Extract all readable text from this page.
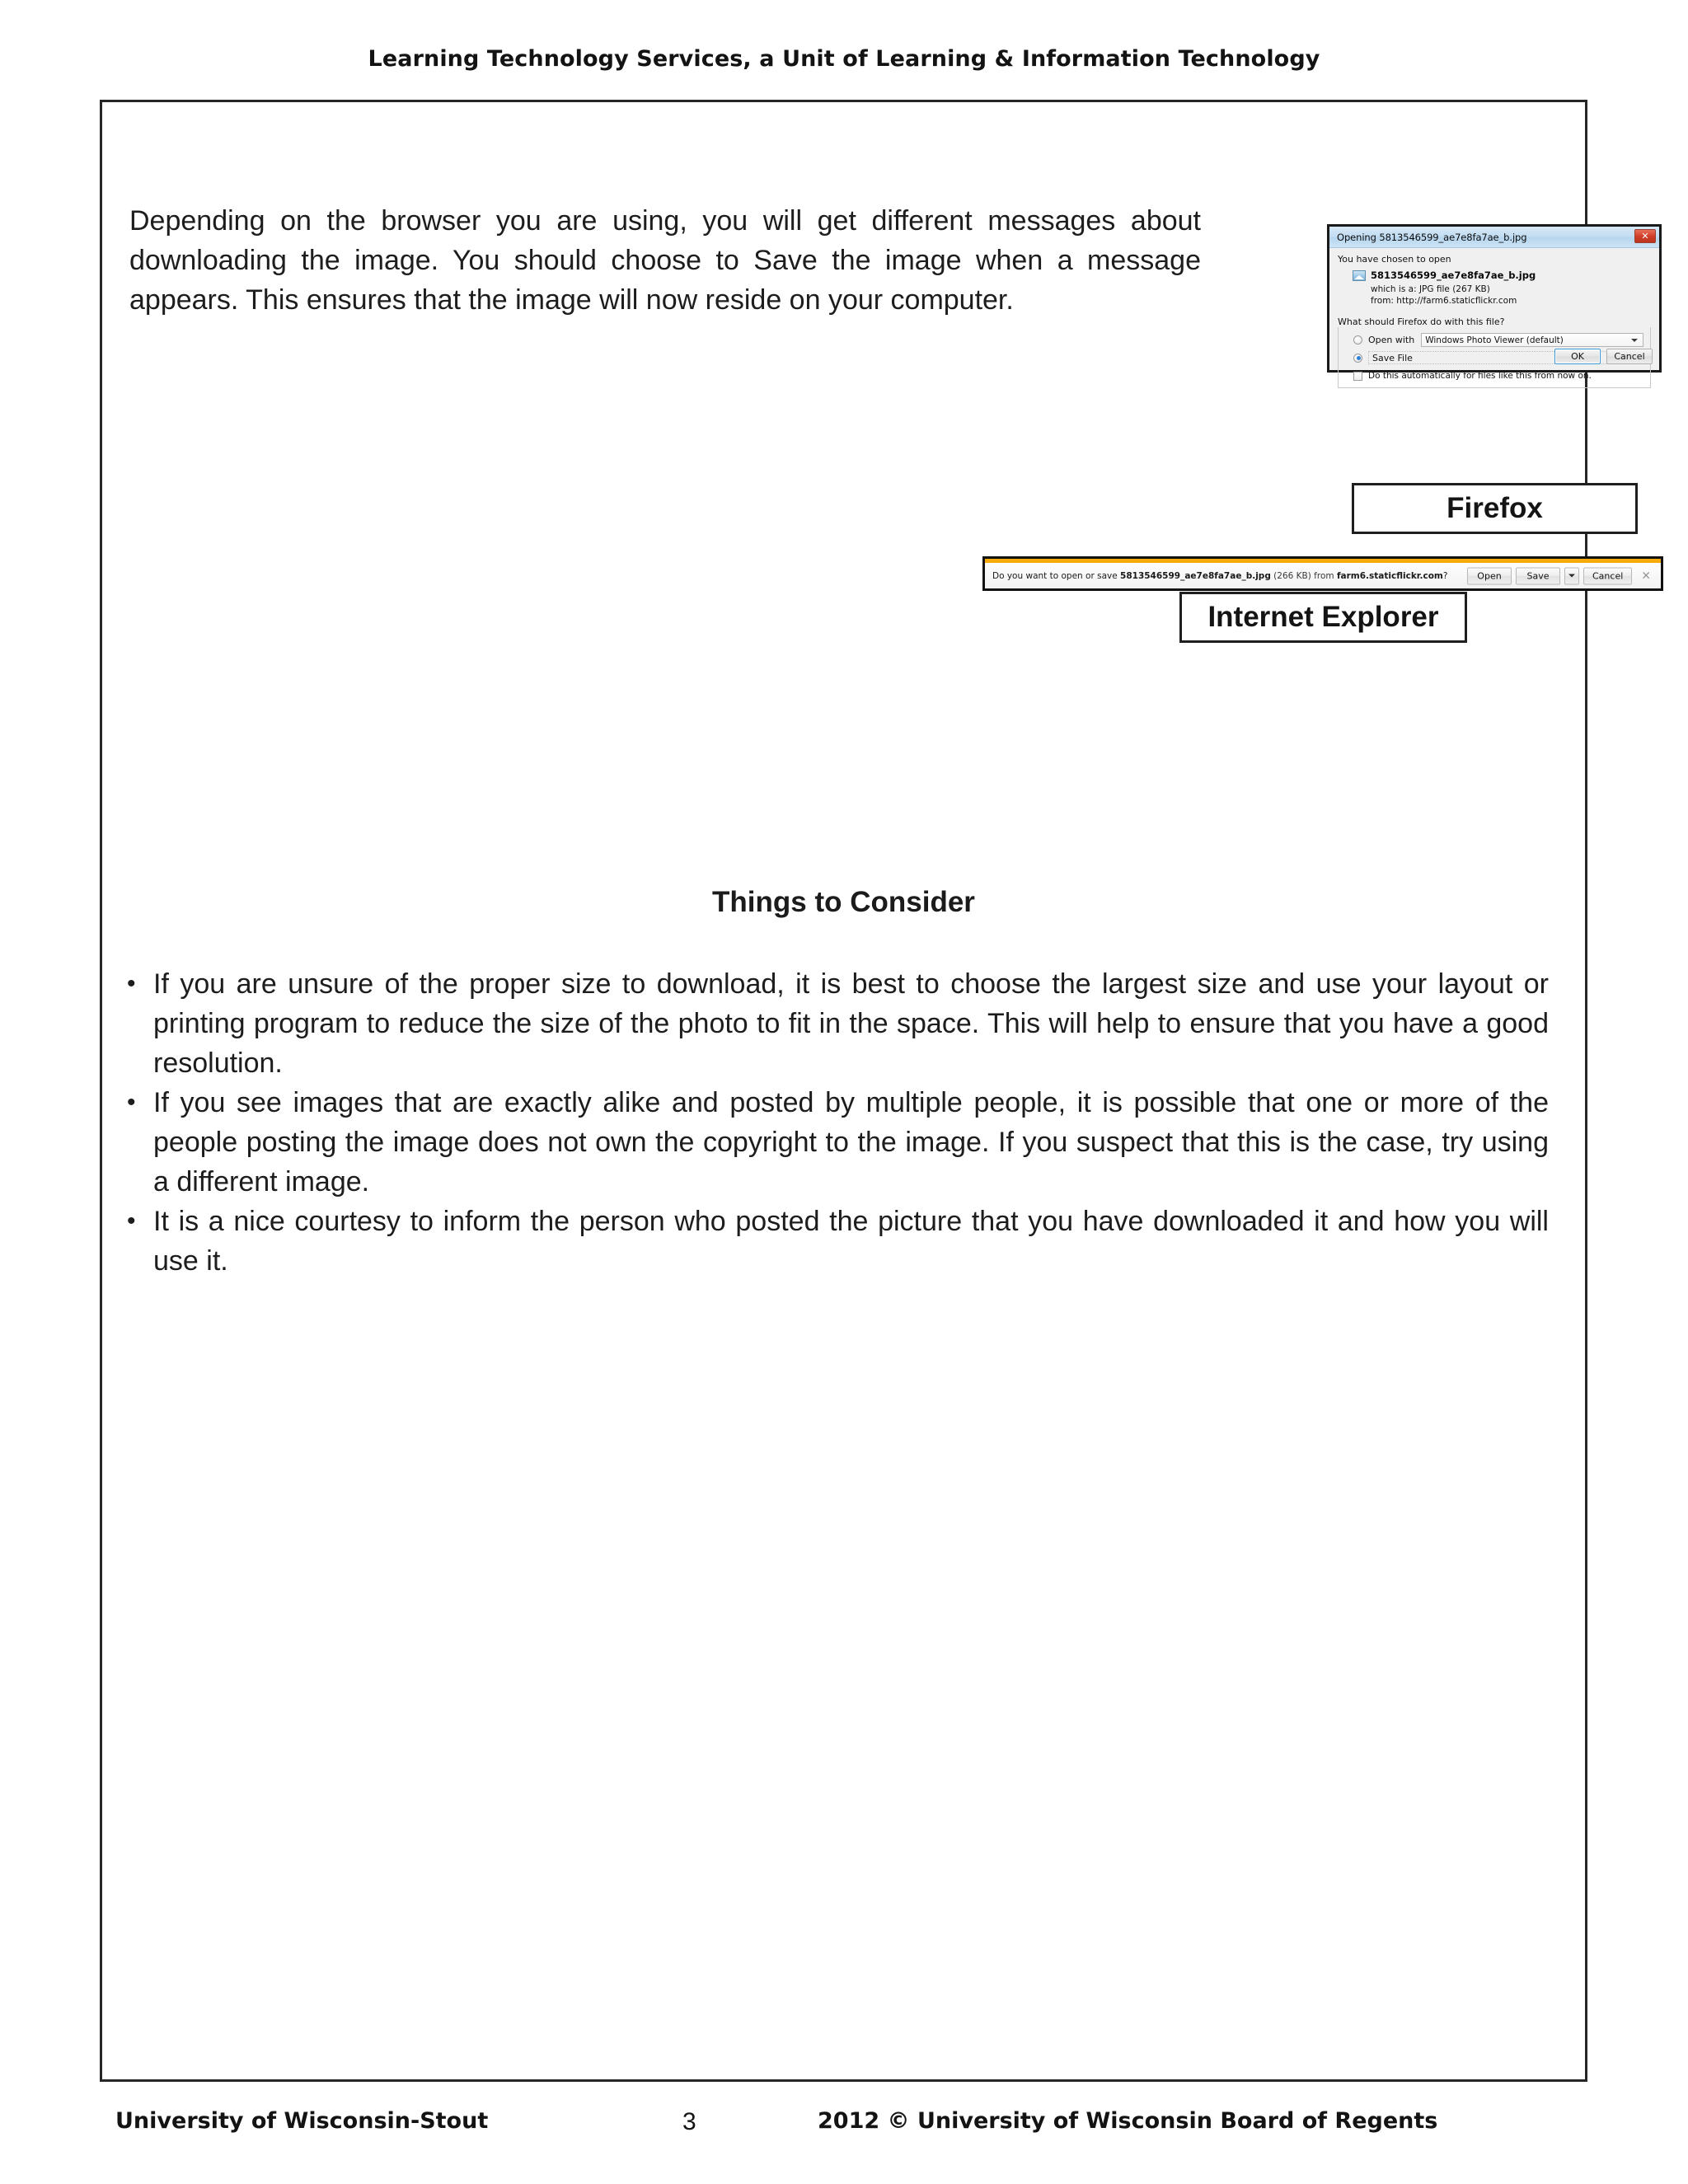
Learning Technology Services, a Unit of Learning & Information Technology

Depending on the browser you are using, you will get different messages about downloading the image. You should choose to Save the image when a message appears. This ensures that the image will now reside on your computer.

Opening 5813546599_ae7e8fa7ae_b.jpg	✕
You have chosen to open
5813546599_ae7e8fa7ae_b.jpg
which is a: JPG file (267 KB)
from: http://farm6.staticflickr.com
What should Firefox do with this file?
Open with Windows Photo Viewer (default)
Save File
Do this automatically for files like this from now on.
OK	Cancel
Firefox
Do you want to open or save 5813546599_ae7e8fa7ae_b.jpg (266 KB) from farm6.staticflickr.com?	Open	Save	Cancel	×
Internet Explorer
Things to Consider
• If you are unsure of the proper size to download, it is best to choose the largest size and use your layout or printing program to reduce the size of the photo to fit in the space. This will help to ensure that you have a good resolution.
• If you see images that are exactly alike and posted by multiple people, it is possible that one or more of the people posting the image does not own the copyright to the image. If you suspect that this is the case, try using a different image.
• It is a nice courtesy to inform the person who posted the picture that you have downloaded it and how you will use it.
University of Wisconsin-Stout	3	2012 © University of Wisconsin Board of Regents
